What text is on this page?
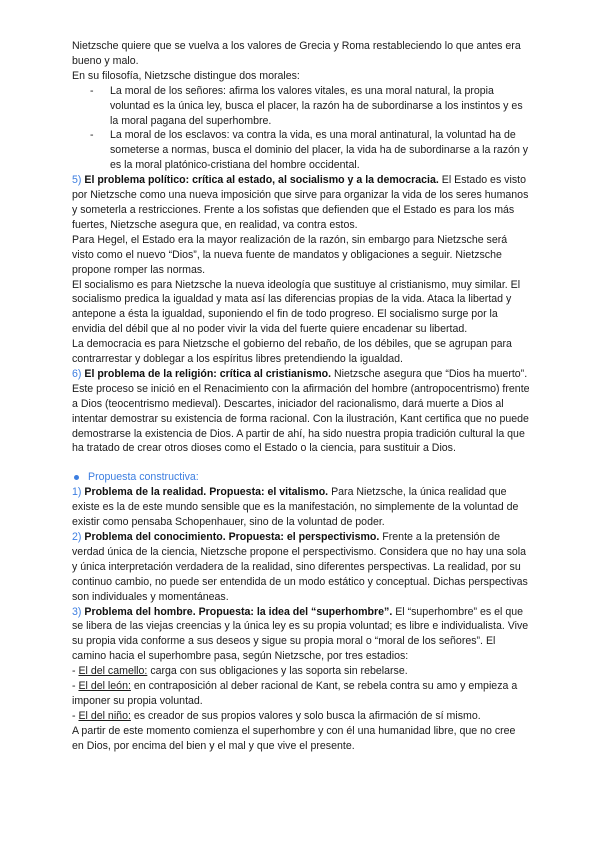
Nietzsche quiere que se vuelva a los valores de Grecia y Roma restableciendo lo que antes era bueno y malo.

En su filosofía, Nietzsche distingue dos morales:

- La moral de los señores: afirma los valores vitales, es una moral natural, la propia voluntad es la única ley, busca el placer, la razón ha de subordinarse a los instintos y es la moral pagana del superhombre.
- La moral de los esclavos: va contra la vida, es una moral antinatural, la voluntad ha de someterse a normas, busca el dominio del placer, la vida ha de subordinarse a la razón y es la moral platónico-cristiana del hombre occidental.

5) El problema político: crítica al estado, al socialismo y a la democracia. El Estado es visto por Nietzsche como una nueva imposición que sirve para organizar la vida de los seres humanos y someterla a restricciones. Frente a los sofistas que defienden que el Estado es para los más fuertes, Nietzsche asegura que, en realidad, va contra estos.

Para Hegel, el Estado era la mayor realización de la razón, sin embargo para Nietzsche será visto como el nuevo “Dios”, la nueva fuente de mandatos y obligaciones a seguir. Nietzsche propone romper las normas.

El socialismo es para Nietzsche la nueva ideología que sustituye al cristianismo, muy similar. El socialismo predica la igualdad y mata así las diferencias propias de la vida. Ataca la libertad y antepone a ésta la igualdad, suponiendo el fin de todo progreso. El socialismo surge por la envidia del débil que al no poder vivir la vida del fuerte quiere encadenar su libertad.

La democracia es para Nietzsche el gobierno del rebaño, de los débiles, que se agrupan para contrarrestar y doblegar a los espíritus libres pretendiendo la igualdad.

6) El problema de la religión: crítica al cristianismo. Nietzsche asegura que “Dios ha muerto”. Este proceso se inició en el Renacimiento con la afirmación del hombre (antropocentrismo) frente a Dios (teocentrismo medieval). Descartes, iniciador del racionalismo, dará muerte a Dios al intentar demostrar su existencia de forma racional. Con la ilustración, Kant certifica que no puede demostrarse la existencia de Dios. A partir de ahí, ha sido nuestra propia tradición cultural la que ha tratado de crear otros dioses como el Estado o la ciencia, para sustituir a Dios.

Propuesta constructiva:

1) Problema de la realidad. Propuesta: el vitalismo. Para Nietzsche, la única realidad que existe es la de este mundo sensible que es la manifestación, no simplemente de la voluntad de existir como pensaba Schopenhauer, sino de la voluntad de poder.

2) Problema del conocimiento. Propuesta: el perspectivismo. Frente a la pretensión de verdad única de la ciencia, Nietzsche propone el perspectivismo. Considera que no hay una sola y única interpretación verdadera de la realidad, sino diferentes perspectivas. La realidad, por su continuo cambio, no puede ser entendida de un modo estático y conceptual. Dichas perspectivas son individuales y momentáneas.

3) Problema del hombre. Propuesta: la idea del “superhombre”. El “superhombre” es el que se libera de las viejas creencias y la única ley es su propia voluntad; es libre e individualista. Vive su propia vida conforme a sus deseos y sigue su propia moral o “moral de los señores”. El camino hacia el superhombre pasa, según Nietzsche, por tres estadios:

- El del camello: carga con sus obligaciones y las soporta sin rebelarse.

- El del león: en contraposición al deber racional de Kant, se rebela contra su amo y empieza a imponer su propia voluntad.

- El del niño: es creador de sus propios valores y solo busca la afirmación de sí mismo.

A partir de este momento comienza el superhombre y con él una humanidad libre, que no cree en Dios, por encima del bien y el mal y que vive el presente.
